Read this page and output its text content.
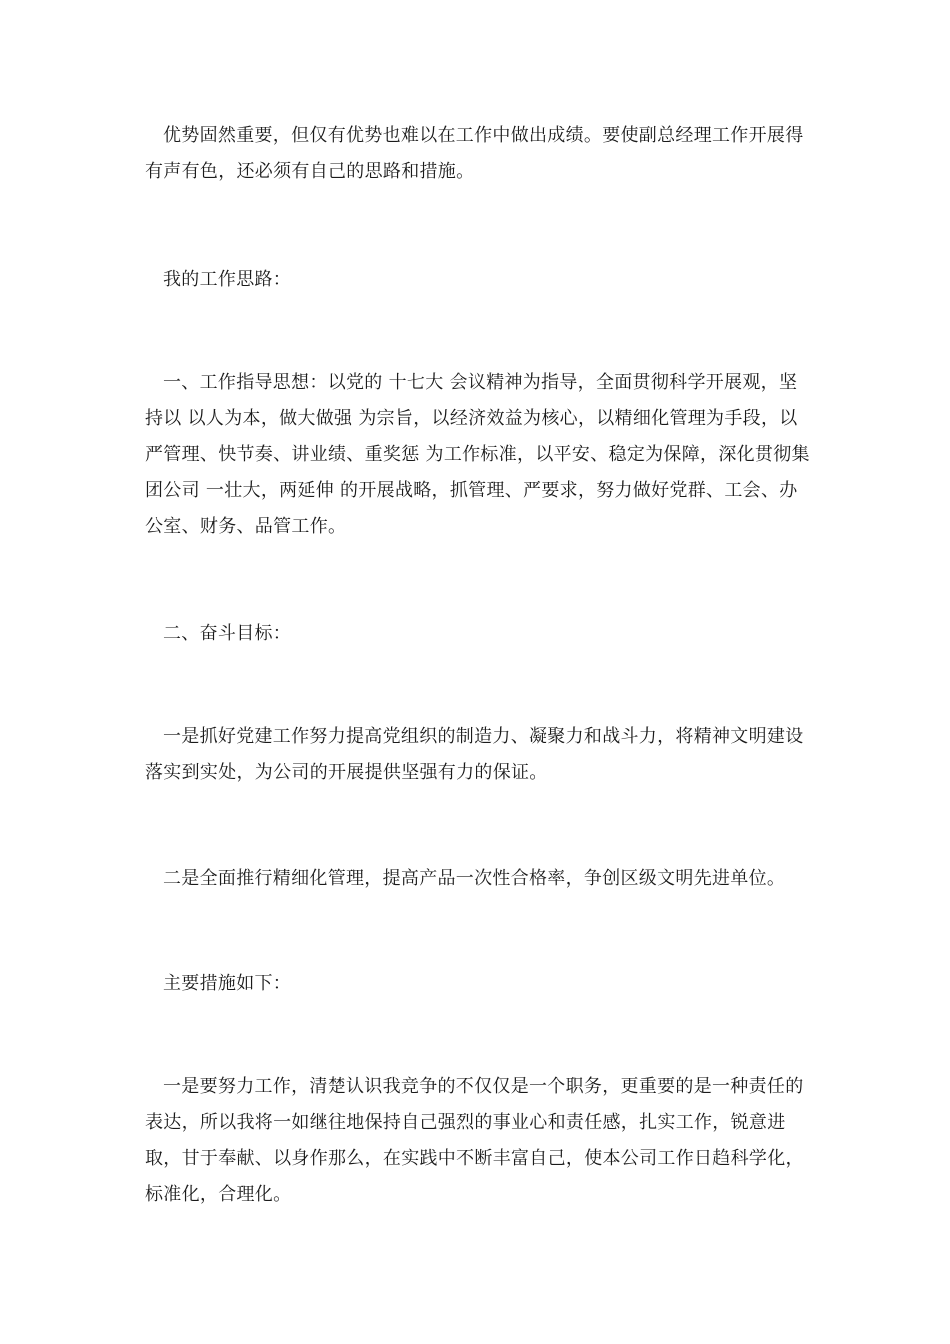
优势固然重要，但仅有优势也难以在工作中做出成绩。要使副总经理工作开展得有声有色，还必须有自己的思路和措施。

我的工作思路：

一、工作指导思想：以党的 十七大 会议精神为指导，全面贯彻科学开展观，坚持以 以人为本，做大做强 为宗旨，以经济效益为核心，以精细化管理为手段，以 严管理、快节奏、讲业绩、重奖惩 为工作标准，以平安、稳定为保障，深化贯彻集团公司 一壮大，两延伸 的开展战略，抓管理、严要求，努力做好党群、工会、办公室、财务、品管工作。

二、奋斗目标：

一是抓好党建工作努力提高党组织的制造力、凝聚力和战斗力，将精神文明建设落实到实处，为公司的开展提供坚强有力的保证。

二是全面推行精细化管理，提高产品一次性合格率，争创区级文明先进单位。

主要措施如下：

一是要努力工作，清楚认识我竞争的不仅仅是一个职务，更重要的是一种责任的表达，所以我将一如继往地保持自己强烈的事业心和责任感，扎实工作，锐意进取，甘于奉献、以身作那么，在实践中不断丰富自己，使本公司工作日趋科学化，标准化，合理化。
